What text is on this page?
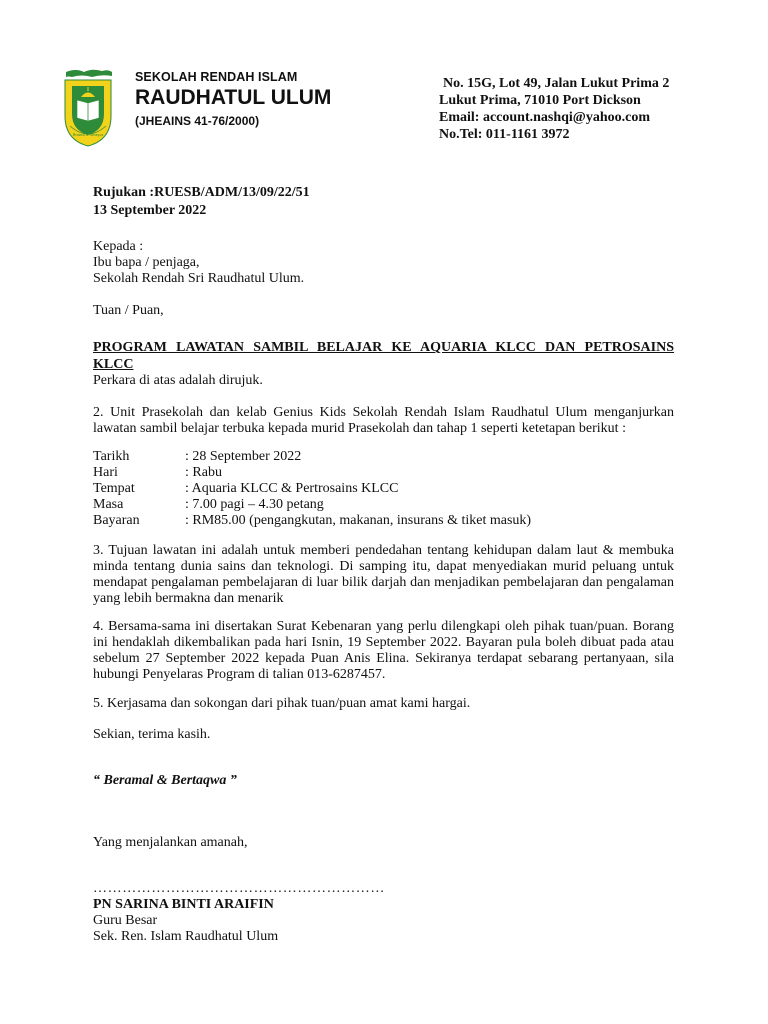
Beramal & Bertaqwa
SEKOLAH RENDAH ISLAM
RAUDHATUL ULUM
(JHEAINS 41-76/2000)
No. 15G, Lot 49, Jalan Lukut Prima 2
Lukut Prima, 71010 Port Dickson
Email: account.nashqi@yahoo.com
No.Tel: 011-1161 3972
Rujukan :RUESB/ADM/13/09/22/51
13 September 2022
Kepada :
Ibu bapa / penjaga,
Sekolah Rendah Sri Raudhatul Ulum.
Tuan / Puan,
PROGRAM LAWATAN SAMBIL BELAJAR KE AQUARIA KLCC DAN PETROSAINS
KLCC
Perkara di atas adalah dirujuk.
2. Unit Prasekolah dan kelab Genius Kids Sekolah Rendah Islam Raudhatul Ulum menganjurkan lawatan sambil belajar terbuka kepada murid Prasekolah dan tahap 1 seperti ketetapan berikut :
Tarikh	: 28 September 2022
Hari	: Rabu
Tempat	: Aquaria KLCC & Pertrosains KLCC
Masa	: 7.00 pagi – 4.30 petang
Bayaran	: RM85.00 (pengangkutan, makanan, insurans & tiket masuk)
3. Tujuan lawatan ini adalah untuk memberi pendedahan tentang kehidupan dalam laut & membuka minda tentang dunia sains dan teknologi. Di samping itu, dapat menyediakan murid peluang untuk mendapat pengalaman pembelajaran di luar bilik darjah dan menjadikan pembelajaran dan pengalaman yang lebih bermakna dan menarik
4. Bersama-sama ini disertakan Surat Kebenaran yang perlu dilengkapi oleh pihak tuan/puan. Borang ini hendaklah dikembalikan pada hari Isnin, 19 September 2022. Bayaran pula boleh dibuat pada atau sebelum 27 September 2022 kepada Puan Anis Elina. Sekiranya terdapat sebarang pertanyaan, sila hubungi Penyelaras Program di talian 013-6287457.
5. Kerjasama dan sokongan dari pihak tuan/puan amat kami hargai.
Sekian, terima kasih.
“ Beramal & Bertaqwa ”
Yang menjalankan amanah,
……………………………………………………
PN SARINA BINTI ARAIFIN
Guru Besar
Sek. Ren. Islam Raudhatul Ulum
